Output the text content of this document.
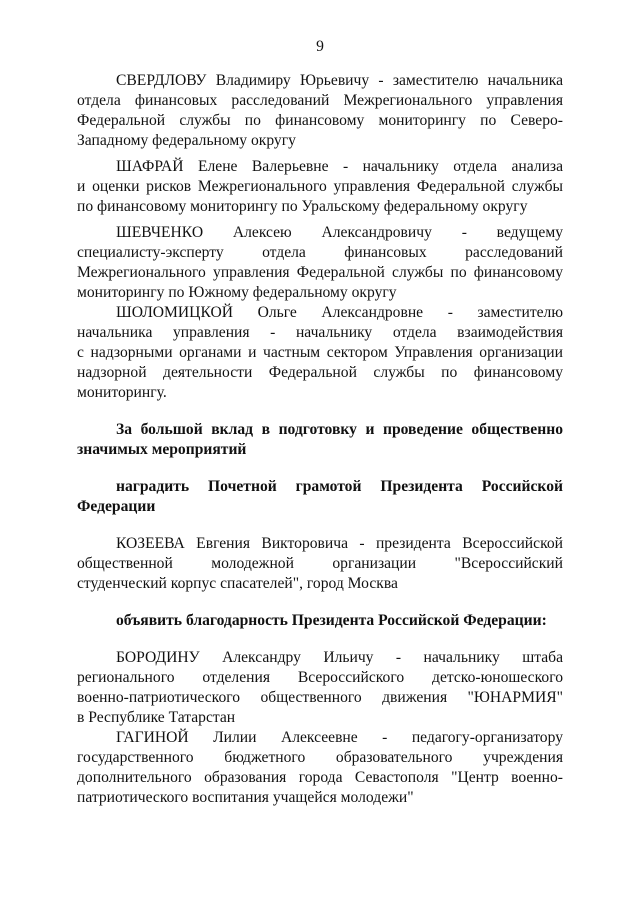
9
СВЕРДЛОВУ Владимиру Юрьевичу - заместителю начальника
отдела финансовых расследований Межрегионального управления
Федеральной службы по финансовому мониторингу по Северо-
Западному федеральному округу
ШАФРАЙ Елене Валерьевне - начальнику отдела анализа
и оценки рисков Межрегионального управления Федеральной службы
по финансовому мониторингу по Уральскому федеральному округу
ШЕВЧЕНКО Алексею Александровичу - ведущему
специалисту-эксперту отдела финансовых расследований
Межрегионального управления Федеральной службы по финансовому
мониторингу по Южному федеральному округу
ШОЛОМИЦКОЙ Ольге Александровне - заместителю
начальника управления - начальнику отдела взаимодействия
с надзорными органами и частным сектором Управления организации
надзорной деятельности Федеральной службы по финансовому
мониторингу.
За большой вклад в подготовку и проведение общественно
значимых мероприятий
наградить Почетной грамотой Президента Российской
Федерации
КОЗЕЕВА Евгения Викторовича - президента Всероссийской
общественной молодежной организации "Всероссийский
студенческий корпус спасателей", город Москва
объявить благодарность Президента Российской Федерации:
БОРОДИНУ Александру Ильичу - начальнику штаба
регионального отделения Всероссийского детско-юношеского
военно-патриотического общественного движения "ЮНАРМИЯ"
в Республике Татарстан
ГАГИНОЙ Лилии Алексеевне - педагогу-организатору
государственного бюджетного образовательного учреждения
дополнительного образования города Севастополя "Центр военно-
патриотического воспитания учащейся молодежи"
